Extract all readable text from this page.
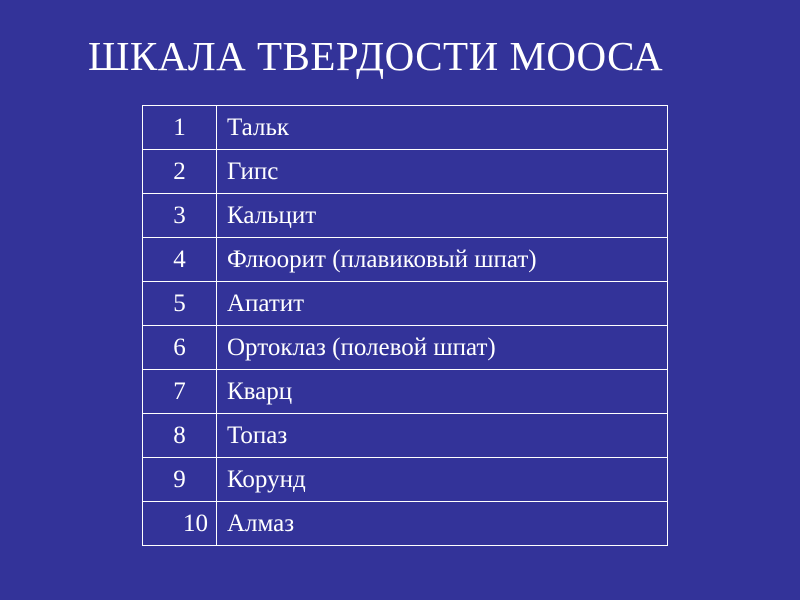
ШКАЛА ТВЕРДОСТИ МООСА
1	Тальк
2	Гипс
3	Кальцит
4	Флюорит (плавиковый шпат)
5	Апатит
6	Ортоклаз (полевой шпат)
7	Кварц
8	Топаз
9	Корунд
10	Алмаз
